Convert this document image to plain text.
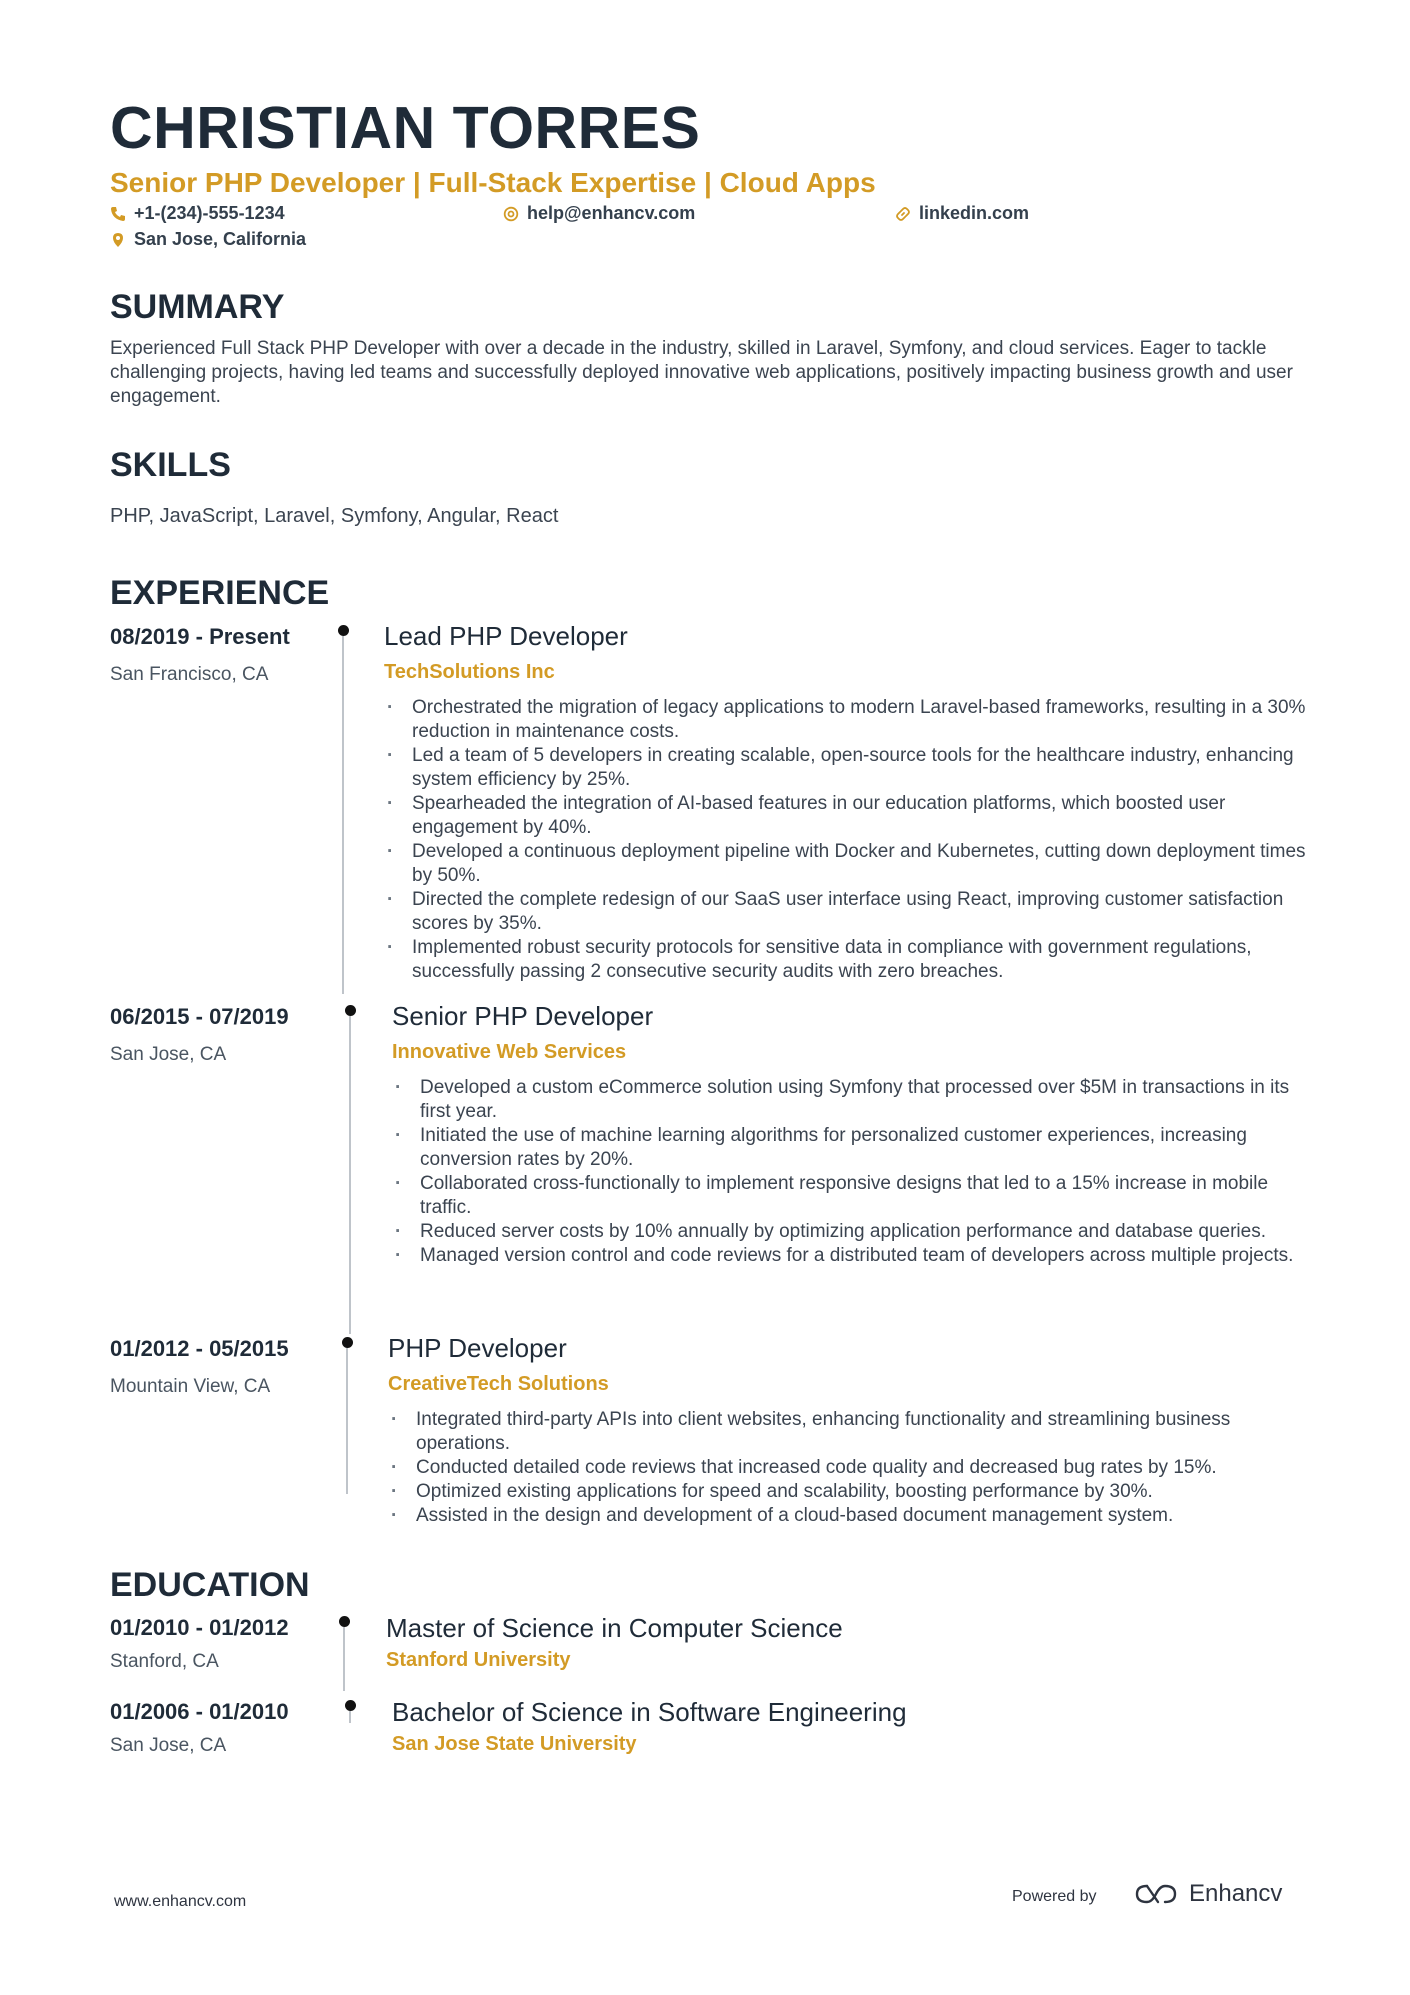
CHRISTIAN TORRES
Senior PHP Developer | Full-Stack Expertise | Cloud Apps
+1-(234)-555-1234	help@enhancv.com	linkedin.com
San Jose, California
SUMMARY
Experienced Full Stack PHP Developer with over a decade in the industry, skilled in Laravel, Symfony, and cloud services. Eager to tackle challenging projects, having led teams and successfully deployed innovative web applications, positively impacting business growth and user engagement.
SKILLS
PHP, JavaScript, Laravel, Symfony, Angular, React
EXPERIENCE
08/2019 - Present
San Francisco, CA
Lead PHP Developer
TechSolutions Inc
· Orchestrated the migration of legacy applications to modern Laravel-based frameworks, resulting in a 30% reduction in maintenance costs.
· Led a team of 5 developers in creating scalable, open-source tools for the healthcare industry, enhancing system efficiency by 25%.
· Spearheaded the integration of AI-based features in our education platforms, which boosted user engagement by 40%.
· Developed a continuous deployment pipeline with Docker and Kubernetes, cutting down deployment times by 50%.
· Directed the complete redesign of our SaaS user interface using React, improving customer satisfaction scores by 35%.
· Implemented robust security protocols for sensitive data in compliance with government regulations, successfully passing 2 consecutive security audits with zero breaches.
06/2015 - 07/2019
San Jose, CA
Senior PHP Developer
Innovative Web Services
· Developed a custom eCommerce solution using Symfony that processed over $5M in transactions in its first year.
· Initiated the use of machine learning algorithms for personalized customer experiences, increasing conversion rates by 20%.
· Collaborated cross-functionally to implement responsive designs that led to a 15% increase in mobile traffic.
· Reduced server costs by 10% annually by optimizing application performance and database queries.
· Managed version control and code reviews for a distributed team of developers across multiple projects.
01/2012 - 05/2015
Mountain View, CA
PHP Developer
CreativeTech Solutions
· Integrated third-party APIs into client websites, enhancing functionality and streamlining business operations.
· Conducted detailed code reviews that increased code quality and decreased bug rates by 15%.
· Optimized existing applications for speed and scalability, boosting performance by 30%.
· Assisted in the design and development of a cloud-based document management system.
EDUCATION
01/2010 - 01/2012
Stanford, CA
Master of Science in Computer Science
Stanford University
01/2006 - 01/2010
San Jose, CA
Bachelor of Science in Software Engineering
San Jose State University
www.enhancv.com	Powered by	Enhancv
